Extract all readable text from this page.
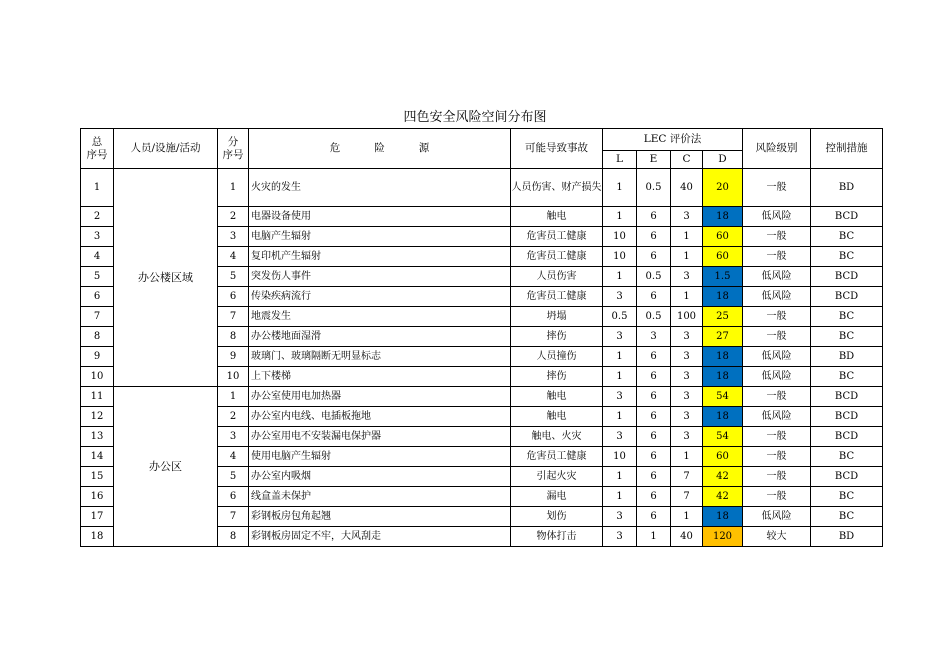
四色安全风险空间分布图
总
序号	人员/设施/活动	分
序号	危险源	可能导致事故	LEC 评价法				风险级别	控制措施
					L	E	C	D		
1	办公楼区域	1	火灾的发生	人员伤害、财产损失	1	0.5	40	20	一般	BD
2		2	电器设备使用	触电	1	6	3	18	低风险	BCD
3		3	电脑产生辐射	危害员工健康	10	6	1	60	一般	BC
4		4	复印机产生辐射	危害员工健康	10	6	1	60	一般	BC
5		5	突发伤人事件	人员伤害	1	0.5	3	1.5	低风险	BCD
6		6	传染疾病流行	危害员工健康	3	6	1	18	低风险	BCD
7		7	地震发生	坍塌	0.5	0.5	100	25	一般	BC
8		8	办公楼地面湿滑	摔伤	3	3	3	27	一般	BC
9		9	玻璃门、玻璃隔断无明显标志	人员撞伤	1	6	3	18	低风险	BD
10		10	上下楼梯	摔伤	1	6	3	18	低风险	BC
11	办公区	1	办公室使用电加热器	触电	3	6	3	54	一般	BCD
12		2	办公室内电线、电插板拖地	触电	1	6	3	18	低风险	BCD
13		3	办公室用电不安装漏电保护器	触电、火灾	3	6	3	54	一般	BCD
14		4	使用电脑产生辐射	危害员工健康	10	6	1	60	一般	BC
15		5	办公室内吸烟	引起火灾	1	6	7	42	一般	BCD
16		6	线盒盖未保护	漏电	1	6	7	42	一般	BC
17		7	彩钢板房包角起翘	划伤	3	6	1	18	低风险	BC
18		8	彩钢板房固定不牢，大风刮走	物体打击	3	1	40	120	较大	BD
